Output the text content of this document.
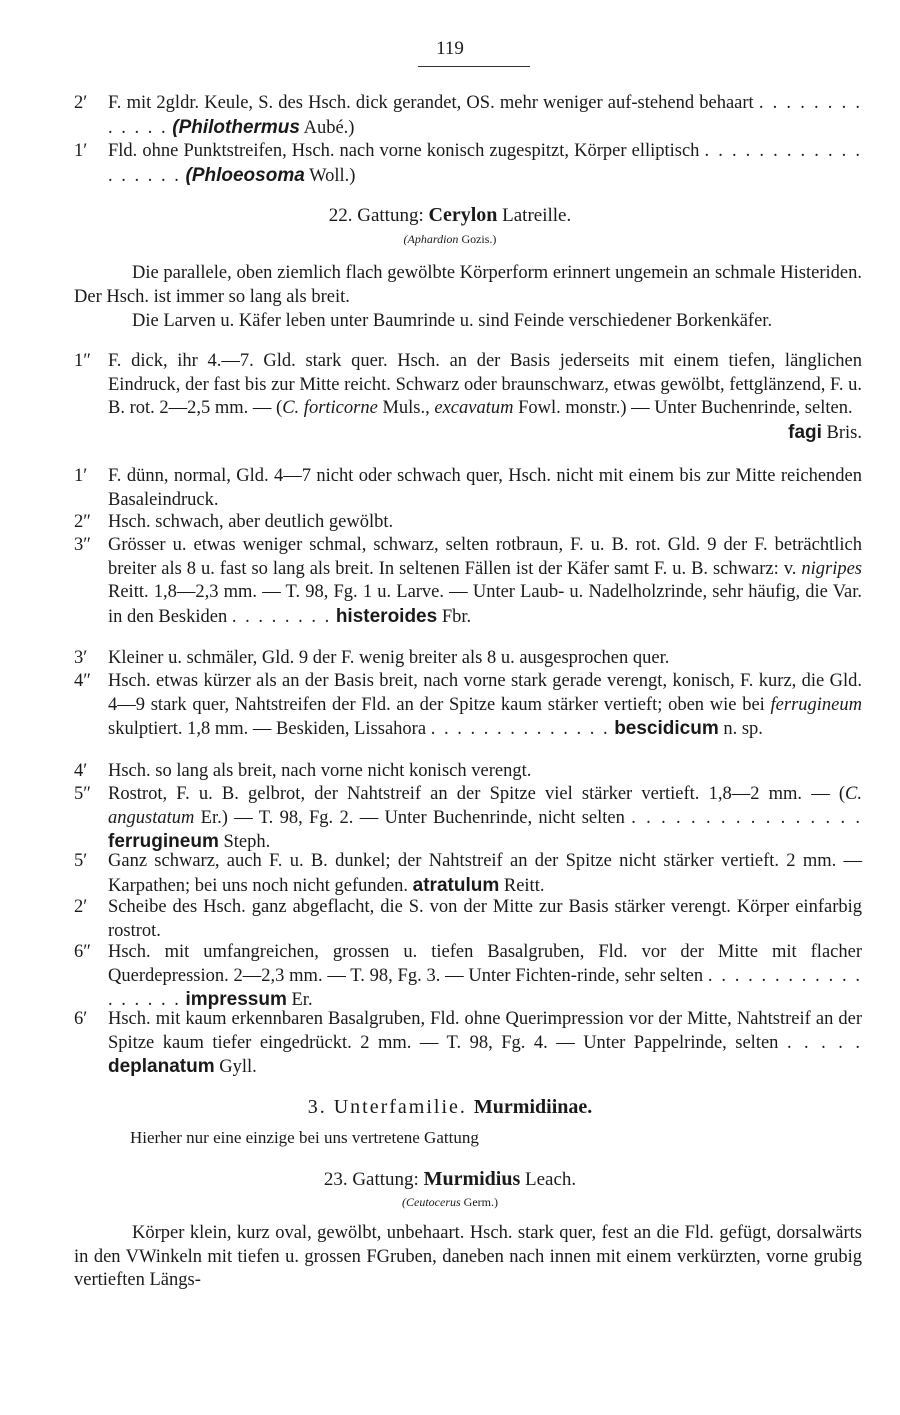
119
2′	F. mit 2gldr. Keule, S. des Hsch. dick gerandet, OS. mehr weniger auf-stehend behaart . . . . . . . . . . . . . (Philothermus Aubé.)
1′	Fld. ohne Punktstreifen, Hsch. nach vorne konisch zugespitzt, Körper elliptisch . . . . . . . . . . . . . . . . . . (Phloeosoma Woll.)
22. Gattung: Cerylon Latreille.
(Aphardion Gozis.)
Die parallele, oben ziemlich flach gewölbte Körperform erinnert ungemein an schmale Histeriden. Der Hsch. ist immer so lang als breit.
Die Larven u. Käfer leben unter Baumrinde u. sind Feinde verschiedener Borkenkäfer.
1″ F. dick, ihr 4.—7. Gld. stark quer. Hsch. an der Basis jederseits mit einem tiefen, länglichen Eindruck, der fast bis zur Mitte reicht. Schwarz oder braunschwarz, etwas gewölbt, fettglänzend, F. u. B. rot. 2—2,5 mm. — (C. forticorne Muls., excavatum Fowl. monstr.) — Unter Buchenrinde, selten.
fagi Bris.
1′	F. dünn, normal, Gld. 4—7 nicht oder schwach quer, Hsch. nicht mit einem bis zur Mitte reichenden Basaleindruck.
2″ Hsch. schwach, aber deutlich gewölbt.
3″ Grösser u. etwas weniger schmal, schwarz, selten rotbraun, F. u. B. rot. Gld. 9 der F. beträchtlich breiter als 8 u. fast so lang als breit. In seltenen Fällen ist der Käfer samt F. u. B. schwarz: v. nigripes Reitt. 1,8—2,3 mm. — T. 98, Fg. 1 u. Larve. — Unter Laub- u. Nadelholzrinde, sehr häufig, die Var. in den Beskiden . . . . . . . . histeroides Fbr.
3′	Kleiner u. schmäler, Gld. 9 der F. wenig breiter als 8 u. ausgesprochen quer.
4″ Hsch. etwas kürzer als an der Basis breit, nach vorne stark gerade verengt, konisch, F. kurz, die Gld. 4—9 stark quer, Nahtstreifen der Fld. an der Spitze kaum stärker vertieft; oben wie bei ferrugineum skulptiert. 1,8 mm. — Beskiden, Lissahora . . . . . . . . . . . . . . bescidicum n. sp.
4′	Hsch. so lang als breit, nach vorne nicht konisch verengt.
5″ Rostrot, F. u. B. gelbrot, der Nahtstreif an der Spitze viel stärker vertieft. 1,8—2 mm. — (C. angustatum Er.) — T. 98, Fg. 2. — Unter Buchenrinde, nicht selten . . . . . . . . . . . . . . . . ferrugineum Steph.
5′	Ganz schwarz, auch F. u. B. dunkel; der Nahtstreif an der Spitze nicht stärker vertieft. 2 mm. — Karpathen; bei uns noch nicht gefunden. atratulum Reitt.
2′	Scheibe des Hsch. ganz abgeflacht, die S. von der Mitte zur Basis stärker verengt. Körper einfarbig rostrot.
6″ Hsch. mit umfangreichen, grossen u. tiefen Basalgruben, Fld. vor der Mitte mit flacher Querdepression. 2—2,3 mm. — T. 98, Fg. 3. — Unter Fichten-rinde, sehr selten . . . . . . . . . . . . . . . . . . impressum Er.
6′	Hsch. mit kaum erkennbaren Basalgruben, Fld. ohne Querimpression vor der Mitte, Nahtstreif an der Spitze kaum tiefer eingedrückt. 2 mm. — T. 98, Fg. 4. — Unter Pappelrinde, selten . . . . . deplanatum Gyll.
3. Unterfamilie. Murmidiinae.
Hierher nur eine einzige bei uns vertretene Gattung
23. Gattung: Murmidius Leach.
(Ceutocerus Germ.)
Körper klein, kurz oval, gewölbt, unbehaart. Hsch. stark quer, fest an die Fld. gefügt, dorsalwärts in den VWinkeln mit tiefen u. grossen FGruben, daneben nach innen mit einem verkürzten, vorne grubig vertieften Längs-
